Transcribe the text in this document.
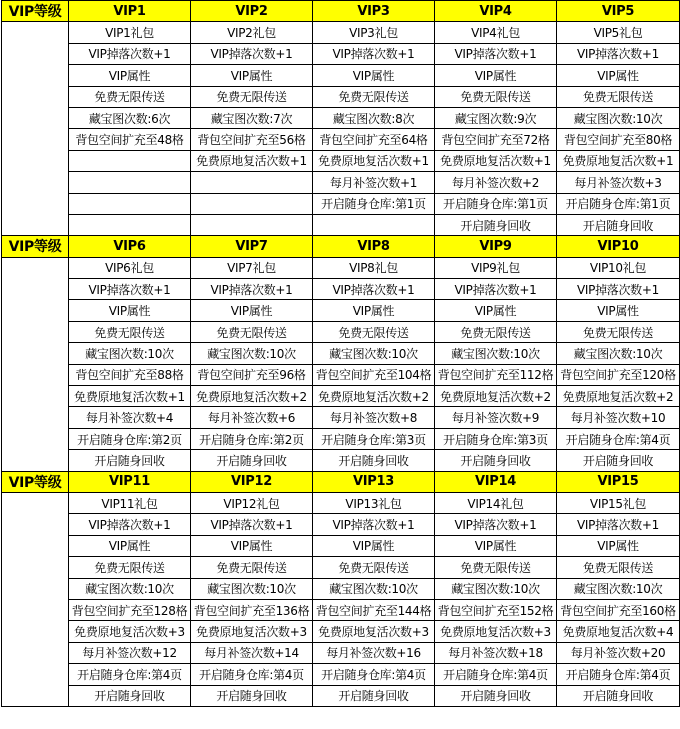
VIP等级	VIP1	VIP2	VIP3	VIP4	VIP5
	VIP1礼包	VIP2礼包	VIP3礼包	VIP4礼包	VIP5礼包
	VIP掉落次数+1	VIP掉落次数+1	VIP掉落次数+1	VIP掉落次数+1	VIP掉落次数+1
	VIP属性	VIP属性	VIP属性	VIP属性	VIP属性
	免费无限传送	免费无限传送	免费无限传送	免费无限传送	免费无限传送
	藏宝图次数:6次	藏宝图次数:7次	藏宝图次数:8次	藏宝图次数:9次	藏宝图次数:10次
	背包空间扩充至48格	背包空间扩充至56格	背包空间扩充至64格	背包空间扩充至72格	背包空间扩充至80格
		免费原地复活次数+1	免费原地复活次数+1	免费原地复活次数+1	免费原地复活次数+1
			每月补签次数+1	每月补签次数+2	每月补签次数+3
			开启随身仓库:第1页	开启随身仓库:第1页	开启随身仓库:第1页
				开启随身回收	开启随身回收
VIP等级	VIP6	VIP7	VIP8	VIP9	VIP10
	VIP6礼包	VIP7礼包	VIP8礼包	VIP9礼包	VIP10礼包
	VIP掉落次数+1	VIP掉落次数+1	VIP掉落次数+1	VIP掉落次数+1	VIP掉落次数+1
	VIP属性	VIP属性	VIP属性	VIP属性	VIP属性
	免费无限传送	免费无限传送	免费无限传送	免费无限传送	免费无限传送
	藏宝图次数:10次	藏宝图次数:10次	藏宝图次数:10次	藏宝图次数:10次	藏宝图次数:10次
	背包空间扩充至88格	背包空间扩充至96格	背包空间扩充至104格	背包空间扩充至112格	背包空间扩充至120格
	免费原地复活次数+1	免费原地复活次数+2	免费原地复活次数+2	免费原地复活次数+2	免费原地复活次数+2
	每月补签次数+4	每月补签次数+6	每月补签次数+8	每月补签次数+9	每月补签次数+10
	开启随身仓库:第2页	开启随身仓库:第2页	开启随身仓库:第3页	开启随身仓库:第3页	开启随身仓库:第4页
	开启随身回收	开启随身回收	开启随身回收	开启随身回收	开启随身回收
VIP等级	VIP11	VIP12	VIP13	VIP14	VIP15
	VIP11礼包	VIP12礼包	VIP13礼包	VIP14礼包	VIP15礼包
	VIP掉落次数+1	VIP掉落次数+1	VIP掉落次数+1	VIP掉落次数+1	VIP掉落次数+1
	VIP属性	VIP属性	VIP属性	VIP属性	VIP属性
	免费无限传送	免费无限传送	免费无限传送	免费无限传送	免费无限传送
	藏宝图次数:10次	藏宝图次数:10次	藏宝图次数:10次	藏宝图次数:10次	藏宝图次数:10次
	背包空间扩充至128格	背包空间扩充至136格	背包空间扩充至144格	背包空间扩充至152格	背包空间扩充至160格
	免费原地复活次数+3	免费原地复活次数+3	免费原地复活次数+3	免费原地复活次数+3	免费原地复活次数+4
	每月补签次数+12	每月补签次数+14	每月补签次数+16	每月补签次数+18	每月补签次数+20
	开启随身仓库:第4页	开启随身仓库:第4页	开启随身仓库:第4页	开启随身仓库:第4页	开启随身仓库:第4页
	开启随身回收	开启随身回收	开启随身回收	开启随身回收	开启随身回收
